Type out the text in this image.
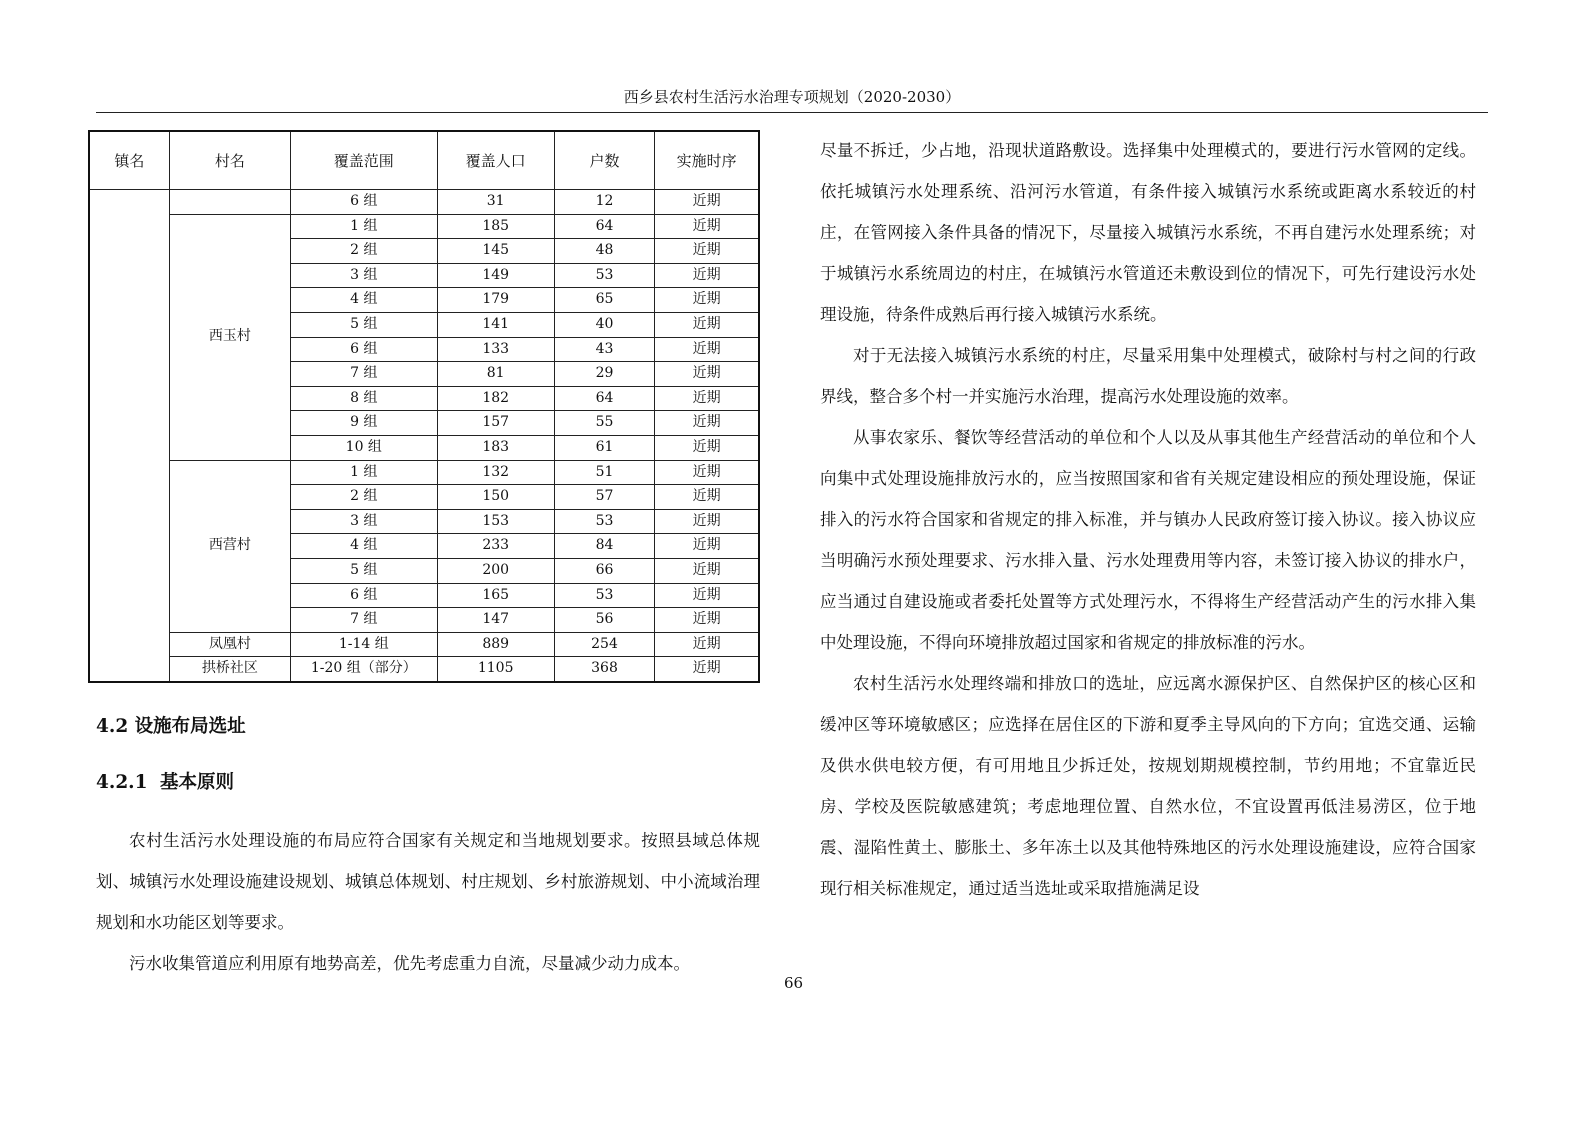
西乡县农村生活污水治理专项规划（2020-2030）
镇名	村名	覆盖范围	覆盖人口	户数	实施时序
		6 组	31	12	近期
	西玉村	1 组	185	64	近期
		2 组	145	48	近期
		3 组	149	53	近期
		4 组	179	65	近期
		5 组	141	40	近期
		6 组	133	43	近期
		7 组	81	29	近期
		8 组	182	64	近期
		9 组	157	55	近期
		10 组	183	61	近期
	西营村	1 组	132	51	近期
		2 组	150	57	近期
		3 组	153	53	近期
		4 组	233	84	近期
		5 组	200	66	近期
		6 组	165	53	近期
		7 组	147	56	近期
	凤凰村	1-14 组	889	254	近期
	拱桥社区	1-20 组（部分）	1105	368	近期
4.2 设施布局选址
4.2.1 基本原则

农村生活污水处理设施的布局应符合国家有关规定和当地规划要求。按照县域总体规划、城镇污水处理设施建设规划、城镇总体规划、村庄规划、乡村旅游规划、中小流域治理规划和水功能区划等要求。

污水收集管道应利用原有地势高差，优先考虑重力自流，尽量减少动力成本。

尽量不拆迁，少占地，沿现状道路敷设。选择集中处理模式的，要进行污水管网的定线。依托城镇污水处理系统、沿河污水管道，有条件接入城镇污水系统或距离水系较近的村庄，在管网接入条件具备的情况下，尽量接入城镇污水系统，不再自建污水处理系统；对于城镇污水系统周边的村庄，在城镇污水管道还未敷设到位的情况下，可先行建设污水处理设施，待条件成熟后再行接入城镇污水系统。

对于无法接入城镇污水系统的村庄，尽量采用集中处理模式，破除村与村之间的行政界线，整合多个村一并实施污水治理，提高污水处理设施的效率。

从事农家乐、餐饮等经营活动的单位和个人以及从事其他生产经营活动的单位和个人向集中式处理设施排放污水的，应当按照国家和省有关规定建设相应的预处理设施，保证排入的污水符合国家和省规定的排入标准，并与镇办人民政府签订接入协议。接入协议应当明确污水预处理要求、污水排入量、污水处理费用等内容，未签订接入协议的排水户，应当通过自建设施或者委托处置等方式处理污水，不得将生产经营活动产生的污水排入集中处理设施，不得向环境排放超过国家和省规定的排放标准的污水。

农村生活污水处理终端和排放口的选址，应远离水源保护区、自然保护区的核心区和缓冲区等环境敏感区；应选择在居住区的下游和夏季主导风向的下方向；宜选交通、运输及供水供电较方便，有可用地且少拆迁处，按规划期规模控制，节约用地；不宜靠近民房、学校及医院敏感建筑；考虑地理位置、自然水位，不宜设置再低洼易涝区，位于地震、湿陷性黄土、膨胀土、多年冻土以及其他特殊地区的污水处理设施建设，应符合国家现行相关标准规定，通过适当选址或采取措施满足设

66
